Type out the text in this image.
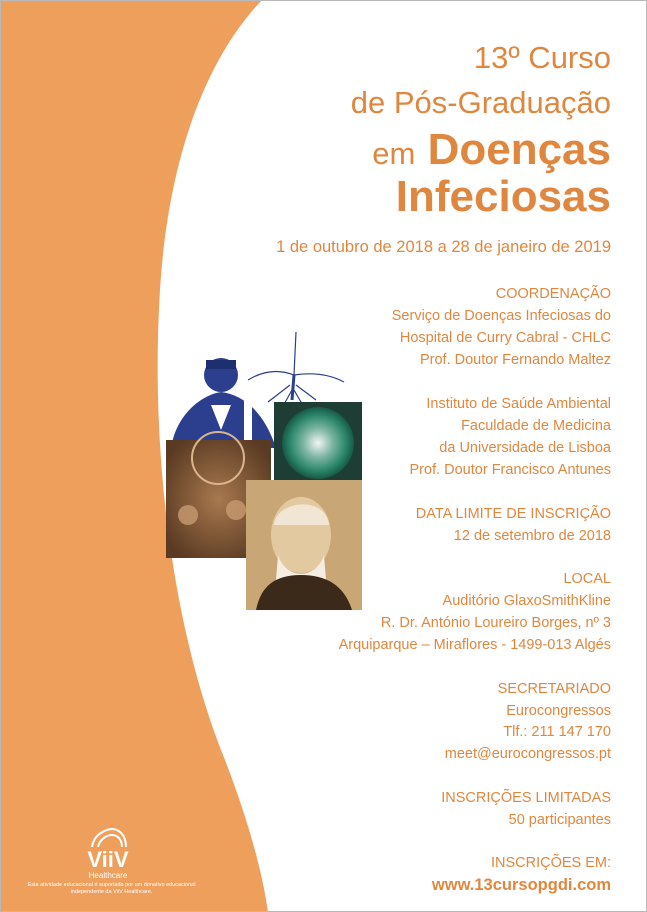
13º Curso
de Pós-Graduação
em Doenças
Infeciosas
1 de outubro de 2018 a 28 de janeiro de 2019
COORDENAÇÃO
Serviço de Doenças Infeciosas do
Hospital de Curry Cabral - CHLC
Prof. Doutor Fernando Maltez
Instituto de Saúde Ambiental
Faculdade de Medicina
da Universidade de Lisboa
Prof. Doutor Francisco Antunes
DATA LIMITE DE INSCRIÇÃO
12 de setembro de 2018
LOCAL
Auditório GlaxoSmithKline
R. Dr. António Loureiro Borges, nº 3
Arquiparque – Miraflores - 1499-013 Algés
SECRETARIADO
Eurocongressos
Tlf.: 211 147 170
meet@eurocongressos.pt
INSCRIÇÕES LIMITADAS
50 participantes
INSCRIÇÕES EM:
www.13cursopgdi.com
ViiV
Healthcare
Esta atividade educacional é suportada por um donativo educacional independente da ViiV Healthcare.
